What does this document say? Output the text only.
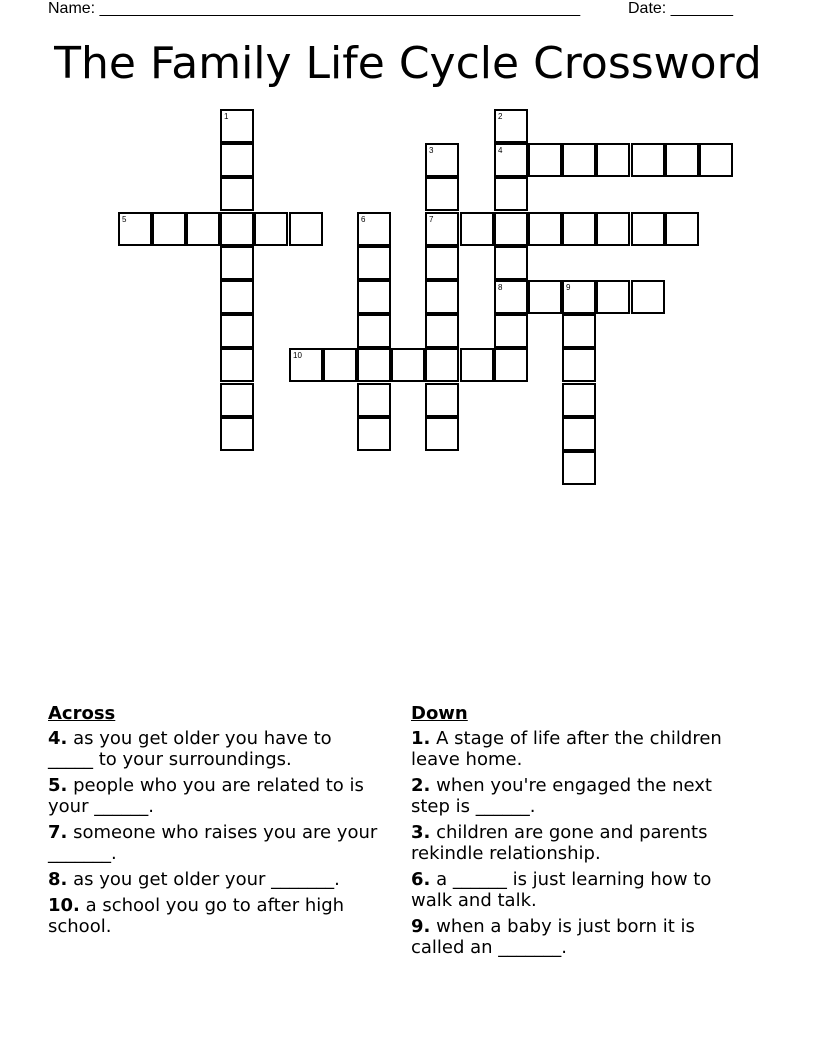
Name: ______________________________________________________	Date: _______
The Family Life Cycle Crossword
1	2
4
8
3
7
5	6
9
10
Across
4. as you get older you have to _____ to your surroundings.
5. people who you are related to is your ______.
7. someone who raises you are your _______.
8. as you get older your _______.
10. a school you go to after high school.
Down
1. A stage of life after the children leave home.
2. when you're engaged the next step is ______.
3. children are gone and parents rekindle relationship.
6. a ______ is just learning how to walk and talk.
9. when a baby is just born it is called an _______.
